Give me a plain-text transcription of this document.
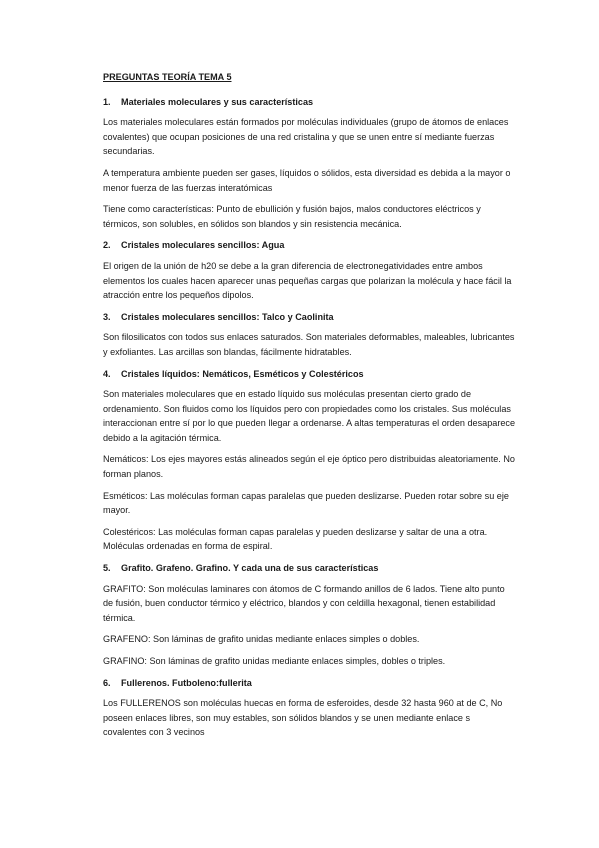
PREGUNTAS TEORÍA TEMA 5
1.	Materiales moleculares y sus características

Los materiales moleculares están formados por moléculas individuales (grupo de átomos de enlaces covalentes) que ocupan posiciones de una red cristalina y que se unen entre sí mediante fuerzas secundarias.

A temperatura ambiente pueden ser gases, líquidos o sólidos, esta diversidad es debida a la mayor o menor fuerza de las fuerzas interatómicas

Tiene como características: Punto de ebullición y fusión bajos, malos conductores eléctricos y térmicos, son solubles, en sólidos son blandos y sin resistencia mecánica.

2.	Cristales moleculares sencillos: Agua

El origen de la unión de h20 se debe a la gran diferencia de electronegatividades entre ambos elementos los cuales hacen aparecer unas pequeñas cargas que polarizan la molécula y hace fácil la atracción entre los pequeños dipolos.

3.	Cristales moleculares sencillos: Talco y Caolinita

Son filosilicatos con todos sus enlaces saturados. Son materiales deformables, maleables, lubricantes y exfoliantes. Las arcillas son blandas, fácilmente hidratables.

4.	Cristales líquidos: Nemáticos, Esméticos y Colestéricos

Son materiales moleculares que en estado líquido sus moléculas presentan cierto grado de ordenamiento. Son fluidos como los líquidos pero con propiedades como los cristales. Sus moléculas interaccionan entre sí por lo que pueden llegar a ordenarse. A altas temperaturas el orden desaparece debido a la agitación térmica.

Nemáticos: Los ejes mayores estás alineados según el eje óptico pero distribuidas aleatoriamente. No forman planos.

Esméticos: Las moléculas forman capas paralelas que pueden deslizarse. Pueden rotar sobre su eje mayor.

Colestéricos: Las moléculas forman capas paralelas y pueden deslizarse y saltar de una a otra. Moléculas ordenadas en forma de espiral.

5.	Grafito. Grafeno. Grafino. Y cada una de sus características

GRAFITO: Son moléculas laminares con átomos de C formando anillos de 6 lados. Tiene alto punto de fusión, buen conductor térmico y eléctrico, blandos y con celdilla hexagonal, tienen estabilidad térmica.

GRAFENO: Son láminas de grafito unidas mediante enlaces simples o dobles.

GRAFINO: Son láminas de grafito unidas mediante enlaces simples, dobles o triples.

6.	Fullerenos. Futboleno:fullerita

Los FULLERENOS son moléculas huecas en forma de esferoides, desde 32 hasta 960 at de C, No poseen enlaces libres, son muy estables, son sólidos blandos y se unen mediante enlace s covalentes con 3 vecinos
